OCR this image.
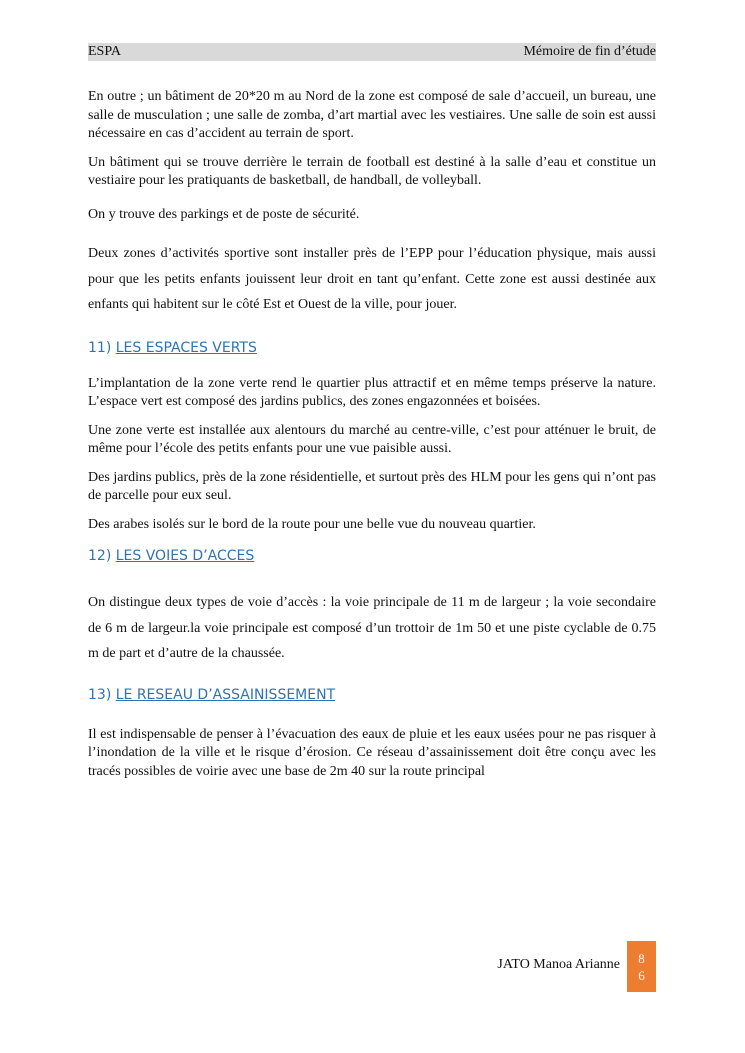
ESPA	Mémoire de fin d’étude

En outre ; un bâtiment de 20*20 m au Nord de la zone est composé de sale d’accueil, un bureau, une salle de musculation ; une salle de zomba, d’art martial avec les vestiaires. Une salle de soin est aussi nécessaire en cas d’accident au terrain de sport.

Un bâtiment qui se trouve derrière le terrain de football est destiné à la salle d’eau et constitue un vestiaire pour les pratiquants de basketball, de handball, de volleyball.

On y trouve des parkings et de poste de sécurité.

Deux zones d’activités sportive sont installer près de l’EPP pour l’éducation physique, mais aussi pour que les petits enfants jouissent leur droit en tant qu’enfant. Cette zone est aussi destinée aux enfants qui habitent sur le côté Est et Ouest de la ville, pour jouer.

11) LES ESPACES VERTS

L’implantation de la zone verte rend le quartier plus attractif et en même temps préserve la nature. L’espace vert est composé des jardins publics, des zones engazonnées et boisées.

Une zone verte est installée aux alentours du marché au centre-ville, c’est pour atténuer le bruit, de même pour l’école des petits enfants pour une vue paisible aussi.

Des jardins publics, près de la zone résidentielle, et surtout près des HLM pour les gens qui n’ont pas de parcelle pour eux seul.

Des arabes isolés sur le bord de la route pour une belle vue du nouveau quartier.

12) LES VOIES D’ACCES

On distingue deux types de voie d’accès : la voie principale de 11 m de largeur ; la voie secondaire de 6 m de largeur.la voie principale est composé d’un trottoir de 1m 50 et une piste cyclable de 0.75 m de part et d’autre de la chaussée.

13) LE RESEAU D’ASSAINISSEMENT

Il est indispensable de penser à l’évacuation des eaux de pluie et les eaux usées pour ne pas risquer à l’inondation de la ville et le risque d’érosion. Ce réseau d’assainissement doit être conçu avec les tracés possibles de voirie avec une base de 2m 40 sur la route principal

JATO Manoa Arianne	8
6
